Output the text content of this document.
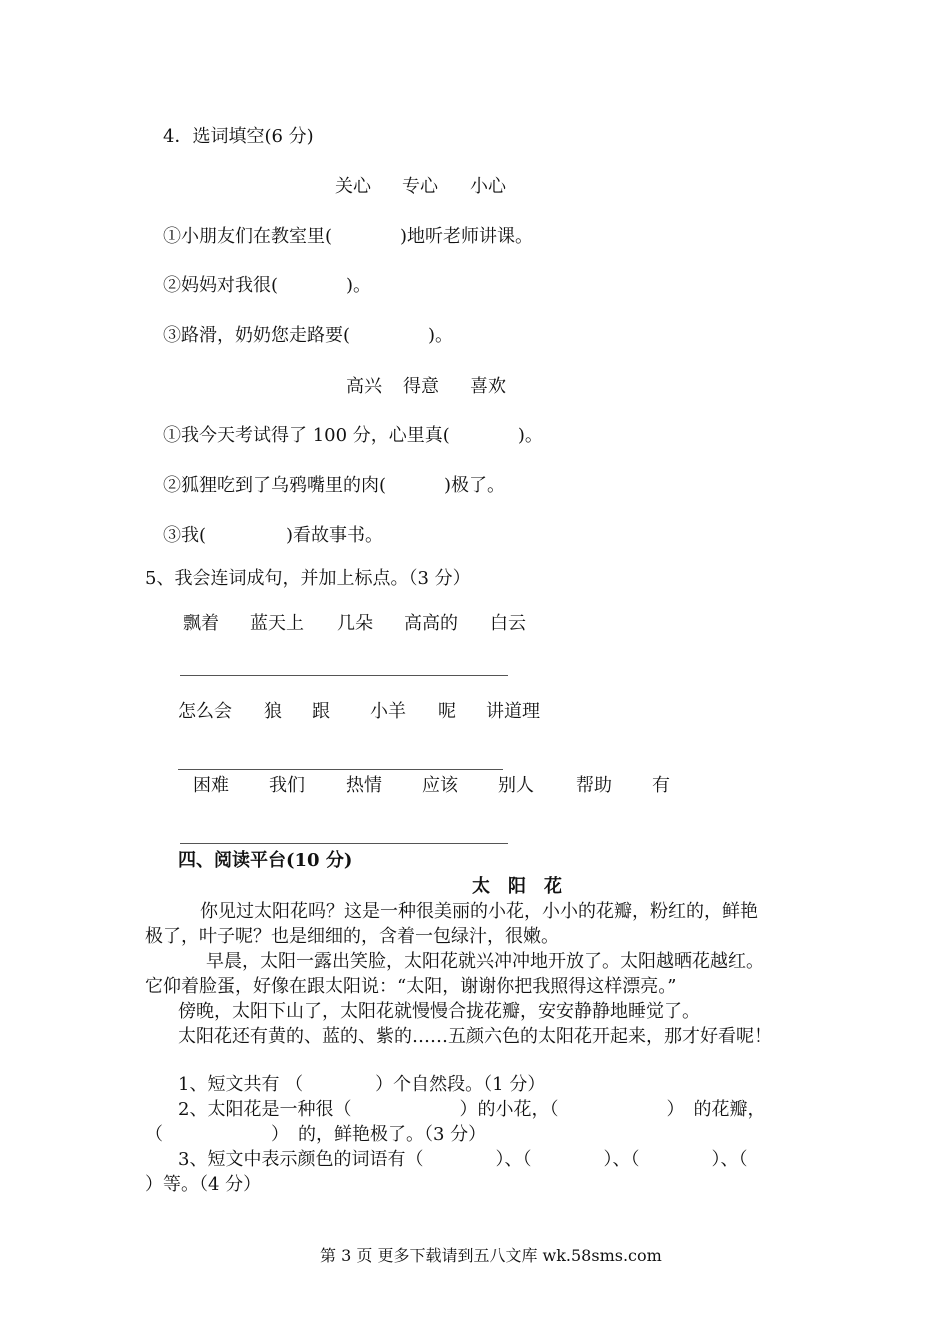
4．选词填空(6 分)
关心 专心 小心
①小朋友们在教室里(	)地听老师讲课。
②妈妈对我很(	)。
③路滑，奶奶您走路要(	)。
高兴 得意 喜欢
①我今天考试得了 100 分，心里真(	)。
②狐狸吃到了乌鸦嘴里的肉(	)极了。
③我(	)看故事书。
5、我会连词成句，并加上标点。（3 分）
飘着 蓝天上 几朵 高高的 白云
怎么会 狼 跟 小羊 呢 讲道理
困难 我们 热情 应该 别人 帮助 有
四、阅读平台(10 分)
太　阳　花
你见过太阳花吗？这是一种很美丽的小花，小小的花瓣，粉红的，鲜艳
极了，叶子呢？也是细细的，含着一包绿汁，很嫩。
早晨，太阳一露出笑脸，太阳花就兴冲冲地开放了。太阳越晒花越红。
它仰着脸蛋，好像在跟太阳说：“太阳，谢谢你把我照得这样漂亮。”
傍晚，太阳下山了，太阳花就慢慢合拢花瓣，安安静静地睡觉了。
太阳花还有黄的、蓝的、紫的……五颜六色的太阳花开起来，那才好看呢！
1、短文共有 （　　　　）个自然段。（1 分）
2、太阳花是一种很（　　　　　　）的小花，（　　　　　　）　的花瓣，
（　　　　　　）　的，鲜艳极了。（3 分）
3、短文中表示颜色的词语有（　　　　）、（　　　　）、（　　　　）、（
）等。（4 分）
第 3 页 更多下载请到五八文库 wk.58sms.com
